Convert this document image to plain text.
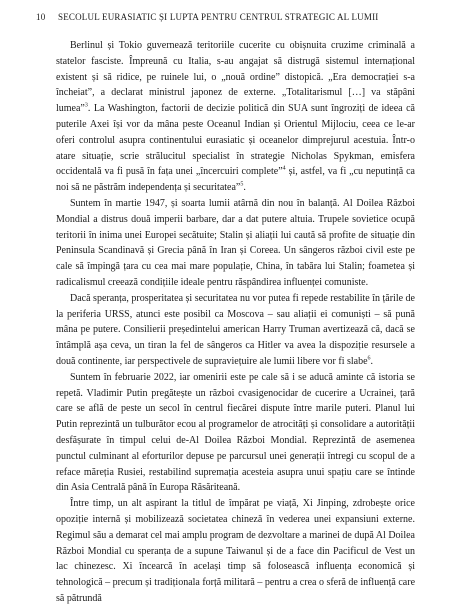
10	SECOLUL EURASIATIC ȘI LUPTA PENTRU CENTRUL STRATEGIC AL LUMII

Berlinul și Tokio guvernează teritoriile cucerite cu obișnuita cruzime criminală a statelor fasciste. Împreună cu Italia, s-au angajat să distrugă sistemul internațional existent și să ridice, pe ruinele lui, o „nouă ordine” distopică. „Era democrației s-a încheiat”, a declarat ministrul japonez de externe. „Totalitarismul […] va stăpâni lumea”$^3$. La Washington, factorii de decizie politică din SUA sunt îngroziți de ideea că puterile Axei își vor da mâna peste Oceanul Indian și Orientul Mijlociu, ceea ce le-ar oferi controlul asupra continentului eurasiatic și oceanelor dimprejurul acestuia. Într-o atare situație, scrie strălucitul specialist în strategie Nicholas Spykman, emisfera occidentală va fi pusă în fața unei „încercuiri complete”$^4$ și, astfel, va fi „cu neputință ca noi să ne păstrăm independența și securitatea”$^5$.

Suntem în martie 1947, și soarta lumii atârnă din nou în balanță. Al Doilea Război Mondial a distrus două imperii barbare, dar a dat putere altuia. Trupele sovietice ocupă teritorii în inima unei Europei secătuite; Stalin și aliații lui caută să profite de situație din Peninsula Scandinavă și Grecia până în Iran și Coreea. Un sângeros război civil este pe cale să împingă țara cu cea mai mare populație, China, în tabăra lui Stalin; foametea și radicalismul creează condițiile ideale pentru răspândirea influenței comuniste.

Dacă speranța, prosperitatea și securitatea nu vor putea fi repede restabilite în țările de la periferia URSS, atunci este posibil ca Moscova – sau aliații ei comuniști – să pună mâna pe putere. Consilierii președintelui american Harry Truman avertizează că, dacă se întâmplă așa ceva, un tiran la fel de sângeros ca Hitler va avea la dispoziție resursele a două continente, iar perspectivele de supraviețuire ale lumii libere vor fi slabe$^6$.

Suntem în februarie 2022, iar omenirii este pe cale să i se aducă aminte că istoria se repetă. Vladimir Putin pregătește un război cvasigenocidar de cucerire a Ucrainei, țară care se află de peste un secol în centrul fiecărei dispute între marile puteri. Planul lui Putin reprezintă un tulburător ecou al programelor de atrocități și consolidare a autorității desfășurate în timpul celui de-Al Doilea Război Mondial. Reprezintă de asemenea punctul culminant al eforturilor depuse pe parcursul unei generații întregi cu scopul de a reface măreția Rusiei, restabilind supremația acesteia asupra unui spațiu care se întinde din Asia Centrală până în Europa Răsăriteană.

Între timp, un alt aspirant la titlul de împărat pe viață, Xi Jinping, zdrobește orice opoziție internă și mobilizează societatea chineză în vederea unei expansiuni externe. Regimul său a demarat cel mai amplu program de dezvoltare a marinei de după Al Doilea Război Mondial cu speranța de a supune Taiwanul și de a face din Pacificul de Vest un lac chinezesc. Xi încearcă în același timp să folosească influența economică și tehnologică – precum și tradiționala forță militară – pentru a crea o sferă de influență care să pătrundă
